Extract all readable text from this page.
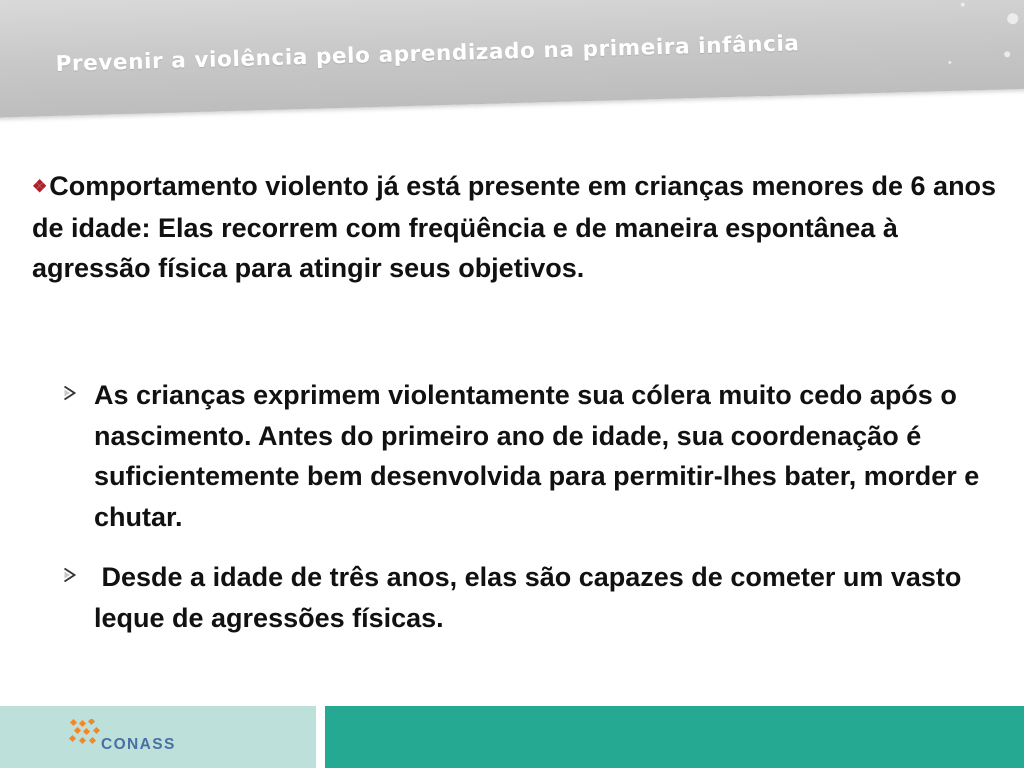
Prevenir a violência pelo aprendizado na primeira infância

❖Comportamento violento já está presente em crianças menores de 6 anos de idade: Elas recorrem com freqüência e de maneira espontânea à agressão física para atingir seus objetivos.

As crianças exprimem violentamente sua cólera muito cedo após o nascimento. Antes do primeiro ano de idade, sua coordenação é suficientemente bem desenvolvida para permitir-lhes bater, morder e chutar.
Desde a idade de três anos, elas são capazes de cometer um vasto leque de agressões físicas.
CONASS
